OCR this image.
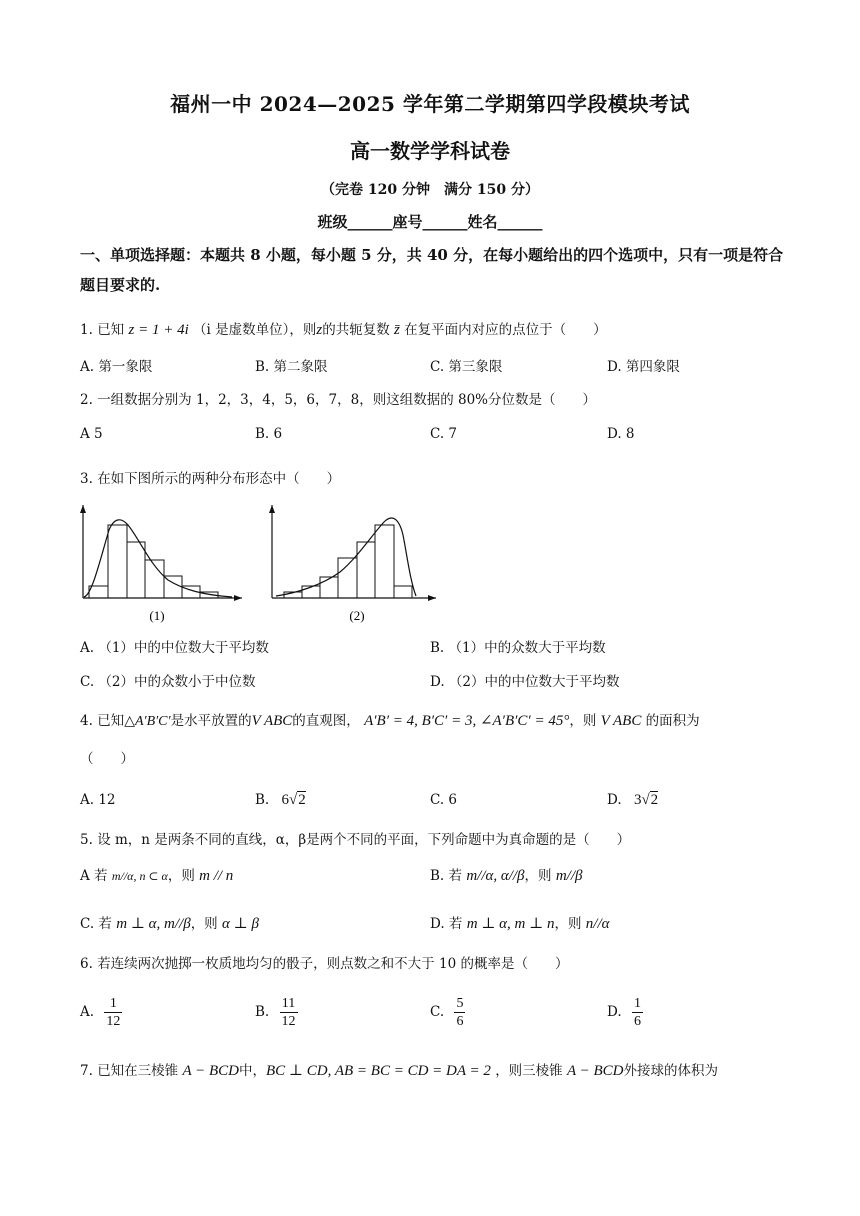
福州一中 2024—2025 学年第二学期第四学段模块考试
高一数学学科试卷
（完卷 120 分钟　满分 150 分）
班级______座号______姓名______
一、单项选择题：本题共 8 小题，每小题 5 分，共 40 分，在每小题给出的四个选项中，只有一项是符合题目要求的.
1. 已知 z = 1 + 4i （i 是虚数单位），则z的共轭复数 z̄ 在复平面内对应的点位于（　　）
A. 第一象限	B. 第二象限	C. 第三象限	D. 第四象限
2. 一组数据分别为 1，2，3，4，5，6，7，8，则这组数据的 80%分位数是（　　）
A 5	B. 6	C. 7	D. 8
3. 在如下图所示的两种分布形态中（　　）
(1)	(2)
A. （1）中的中位数大于平均数	B. （1）中的众数大于平均数
C. （2）中的众数小于中位数	D. （2）中的中位数大于平均数
4. 已知△A′B′C′是水平放置的V ABC的直观图， A′B′ = 4, B′C′ = 3, ∠A′B′C′ = 45°，则 V ABC 的面积为
（　　）
A. 12	B. 6√2	C. 6	D. 3√2
5. 设 m，n 是两条不同的直线，α，β是两个不同的平面，下列命题中为真命题的是（　　）
A 若 m//α, n ⊂ α，则 m // n	B. 若 m//α, α//β，则 m//β
C. 若 m ⊥ α, m//β，则 α ⊥ β	D. 若 m ⊥ α, m ⊥ n，则 n//α
6. 若连续两次抛掷一枚质地均匀的骰子，则点数之和不大于 10 的概率是（　　）
A. $\frac{1}{12}$	B. $\frac{11}{12}$	C. $\frac{5}{6}$	D. $\frac{1}{6}$
7. 已知在三棱锥 A − BCD中，BC ⊥ CD, AB = BC = CD = DA = 2 ，则三棱锥 A − BCD外接球的体积为
